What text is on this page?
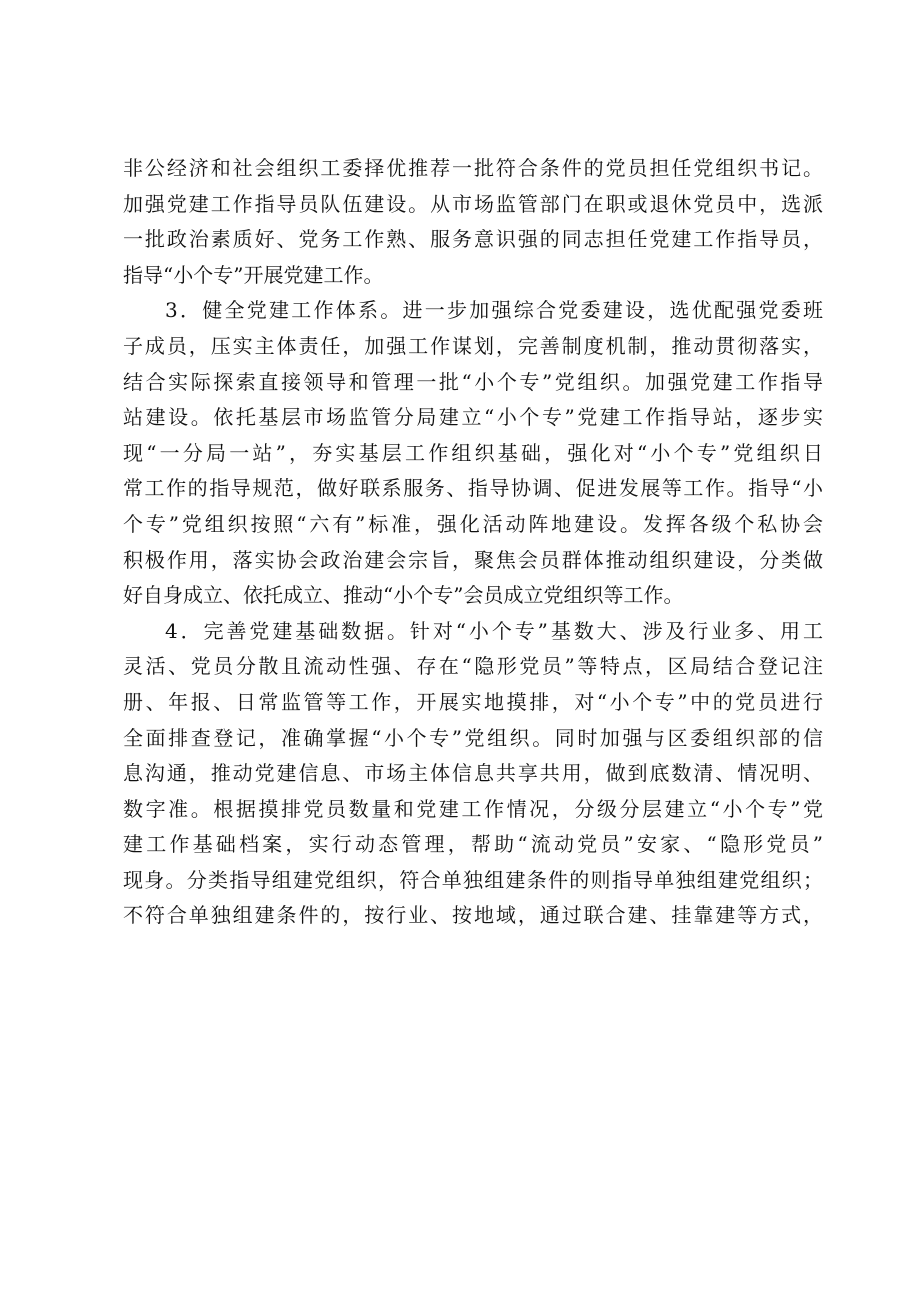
非公经济和社会组织工委择优推荐一批符合条件的党员担任党组织书记。
加强党建工作指导员队伍建设。从市场监管部门在职或退休党员中，选派
一批政治素质好、党务工作熟、服务意识强的同志担任党建工作指导员，
指导“小个专”开展党建工作。
3．健全党建工作体系。进一步加强综合党委建设，选优配强党委班
子成员，压实主体责任，加强工作谋划，完善制度机制，推动贯彻落实，
结合实际探索直接领导和管理一批“小个专”党组织。加强党建工作指导
站建设。依托基层市场监管分局建立“小个专”党建工作指导站，逐步实
现“一分局一站”，夯实基层工作组织基础，强化对“小个专”党组织日
常工作的指导规范，做好联系服务、指导协调、促进发展等工作。指导“小
个专”党组织按照“六有”标准，强化活动阵地建设。发挥各级个私协会
积极作用，落实协会政治建会宗旨，聚焦会员群体推动组织建设，分类做
好自身成立、依托成立、推动“小个专”会员成立党组织等工作。
4．完善党建基础数据。针对“小个专”基数大、涉及行业多、用工
灵活、党员分散且流动性强、存在“隐形党员”等特点，区局结合登记注
册、年报、日常监管等工作，开展实地摸排，对“小个专”中的党员进行
全面排查登记，准确掌握“小个专”党组织。同时加强与区委组织部的信
息沟通，推动党建信息、市场主体信息共享共用，做到底数清、情况明、
数字准。根据摸排党员数量和党建工作情况，分级分层建立“小个专”党
建工作基础档案，实行动态管理，帮助“流动党员”安家、“隐形党员”
现身。分类指导组建党组织，符合单独组建条件的则指导单独组建党组织；
不符合单独组建条件的，按行业、按地域，通过联合建、挂靠建等方式，
